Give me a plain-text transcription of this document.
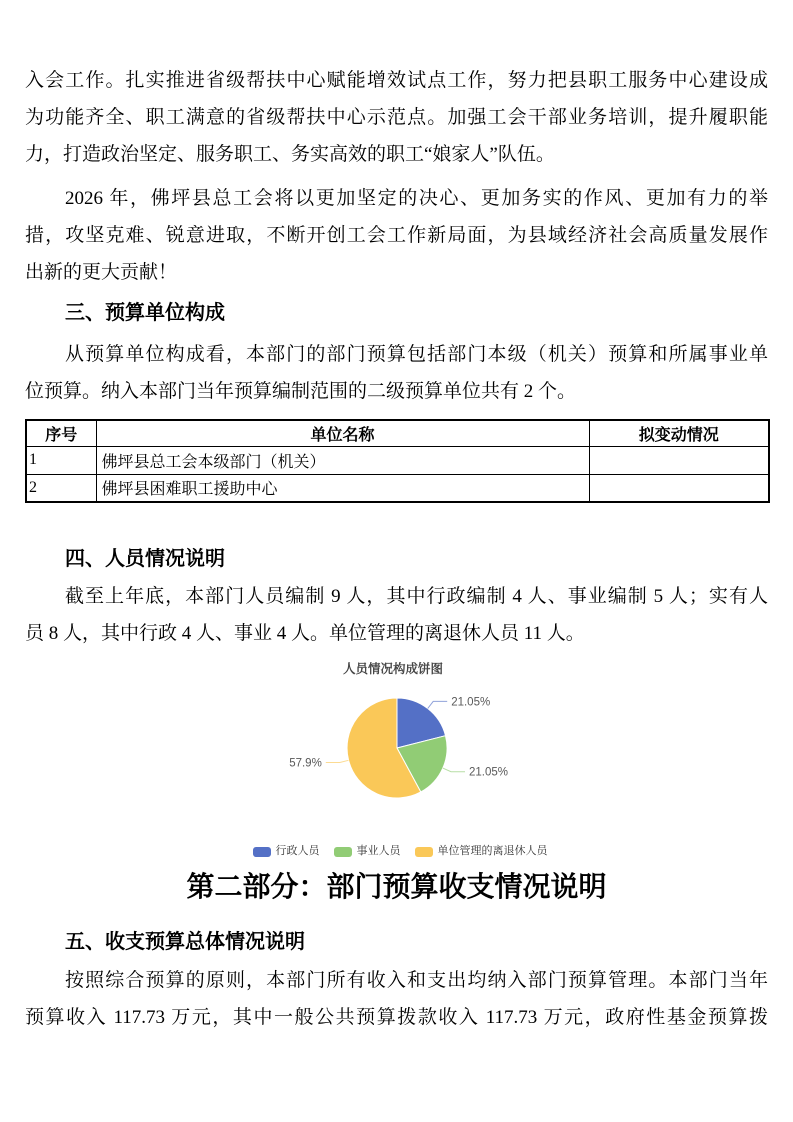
入会工作。扎实推进省级帮扶中心赋能增效试点工作，努力把县职工服务中心建设成
为功能齐全、职工满意的省级帮扶中心示范点。加强工会干部业务培训，提升履职能
力，打造政治坚定、服务职工、务实高效的职工“娘家人”队伍。
2026 年，佛坪县总工会将以更加坚定的决心、更加务实的作风、更加有力的举
措，攻坚克难、锐意进取，不断开创工会工作新局面，为县域经济社会高质量发展作
出新的更大贡献！
三、预算单位构成
从预算单位构成看，本部门的部门预算包括部门本级（机关）预算和所属事业单
位预算。纳入本部门当年预算编制范围的二级预算单位共有 2 个。
序号	单位名称	拟变动情况
1	佛坪县总工会本级部门（机关）	
2	佛坪县困难职工援助中心	
四、人员情况说明
截至上年底，本部门人员编制 9 人，其中行政编制 4 人、事业编制 5 人；实有人
员 8 人，其中行政 4 人、事业 4 人。单位管理的离退休人员 11 人。
人员情况构成饼图
21.05%
21.05%
57.9%
行政人员	事业人员	单位管理的离退休人员
第二部分：部门预算收支情况说明
五、收支预算总体情况说明
按照综合预算的原则，本部门所有收入和支出均纳入部门预算管理。本部门当年
预算收入 117.73 万元，其中一般公共预算拨款收入 117.73 万元，政府性基金预算拨
